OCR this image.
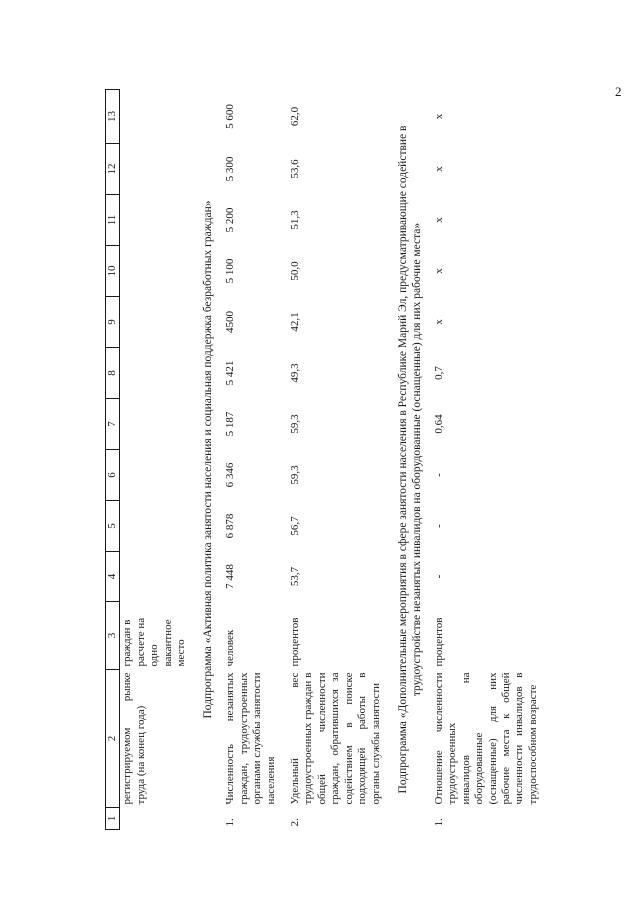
2
1	2	3	4	5	6	7	8	9	10	11	12	13
	регистрируемом рынке труда (на конец года)	граждан в расчете на одно вакантное место										
Подпрограмма «Активная политика занятости населения и социальная поддержка безработных граждан»												
1.	Численность незанятых граждан, трудоустроенных органами службы занятости населения	человек	7 448	6 878	6 346	5 187	5 421	4500	5 100	5 200	5 300	5 600
2.	Удельный вес трудоустроенных граждан в общей численности граждан, обратившихся за содействием в поиске подходящей работы в органы службы занятости	процентов	53,7	56,7	59,3	59,3	49,3	42,1	50,0	51,3	53,6	62,0
Подпрограмма «Дополнительные мероприятия в сфере занятости населения в Республике Марий Эл, предусматривающие содействие в трудоустройстве незанятых инвалидов на оборудованные (оснащенные) для них рабочие места»												
1.	Отношение численности трудоустроенных инвалидов на оборудованные (оснащенные) для них рабочие места к общей численности инвалидов в трудоспособном возрасте	процентов	-	-	-	0,64	0,7	x	x	x	x	x
